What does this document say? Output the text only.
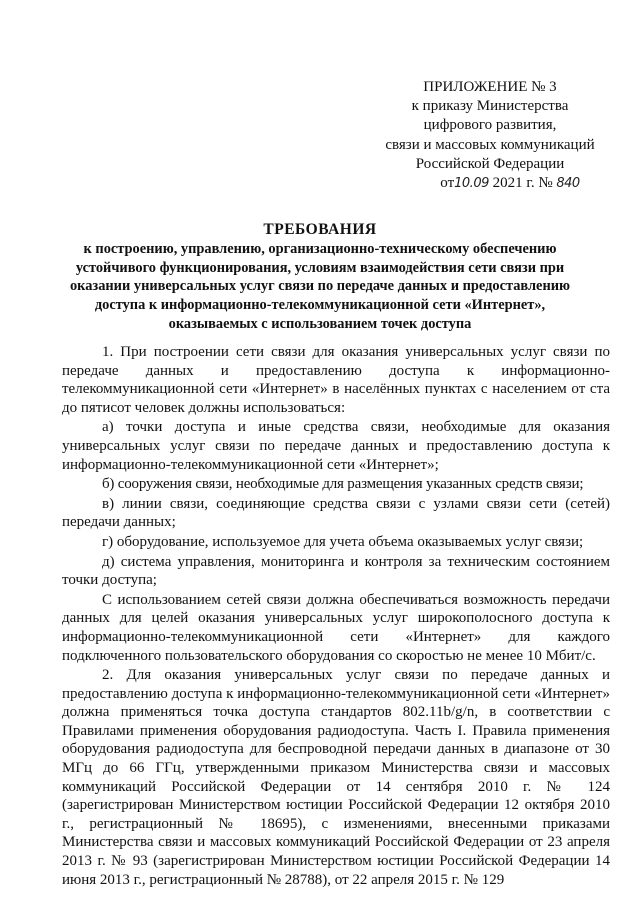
ПРИЛОЖЕНИЕ № 3
к приказу Министерства
цифрового развития,
связи и массовых коммуникаций
Российской Федерации
от10.09 2021 г. № 840
ТРЕБОВАНИЯ
к построению, управлению, организационно-техническому обеспечению
устойчивого функционирования, условиям взаимодействия сети связи при
оказании универсальных услуг связи по передаче данных и предоставлению
доступа к информационно-телекоммуникационной сети «Интернет»,
оказываемых с использованием точек доступа

1. При построении сети связи для оказания универсальных услуг связи по передаче данных и предоставлению доступа к информационно-телекоммуникационной сети «Интернет» в населённых пунктах с населением от ста до пятисот человек должны использоваться:

а) точки доступа и иные средства связи, необходимые для оказания универсальных услуг связи по передаче данных и предоставлению доступа к информационно-телекоммуникационной сети «Интернет»;

б) сооружения связи, необходимые для размещения указанных средств связи;

в) линии связи, соединяющие средства связи с узлами связи сети (сетей) передачи данных;

г) оборудование, используемое для учета объема оказываемых услуг связи;

д) система управления, мониторинга и контроля за техническим состоянием точки доступа;

С использованием сетей связи должна обеспечиваться возможность передачи данных для целей оказания универсальных услуг широкополосного доступа к информационно-телекоммуникационной сети «Интернет» для каждого подключенного пользовательского оборудования со скоростью не менее 10 Мбит/с.

2. Для оказания универсальных услуг связи по передаче данных и предоставлению доступа к информационно-телекоммуникационной сети «Интернет» должна применяться точка доступа стандартов 802.11b/g/n, в соответствии с Правилами применения оборудования радиодоступа. Часть I. Правила применения оборудования радиодоступа для беспроводной передачи данных в диапазоне от 30 МГц до 66 ГГц, утвержденными приказом Министерства связи и массовых коммуникаций Российской Федерации от 14 сентября 2010 г. № 124 (зарегистрирован Министерством юстиции Российской Федерации 12 октября 2010 г., регистрационный № 18695), с изменениями, внесенными приказами Министерства связи и массовых коммуникаций Российской Федерации от 23 апреля 2013 г. № 93 (зарегистрирован Министерством юстиции Российской Федерации 14 июня 2013 г., регистрационный № 28788), от 22 апреля 2015 г. № 129
